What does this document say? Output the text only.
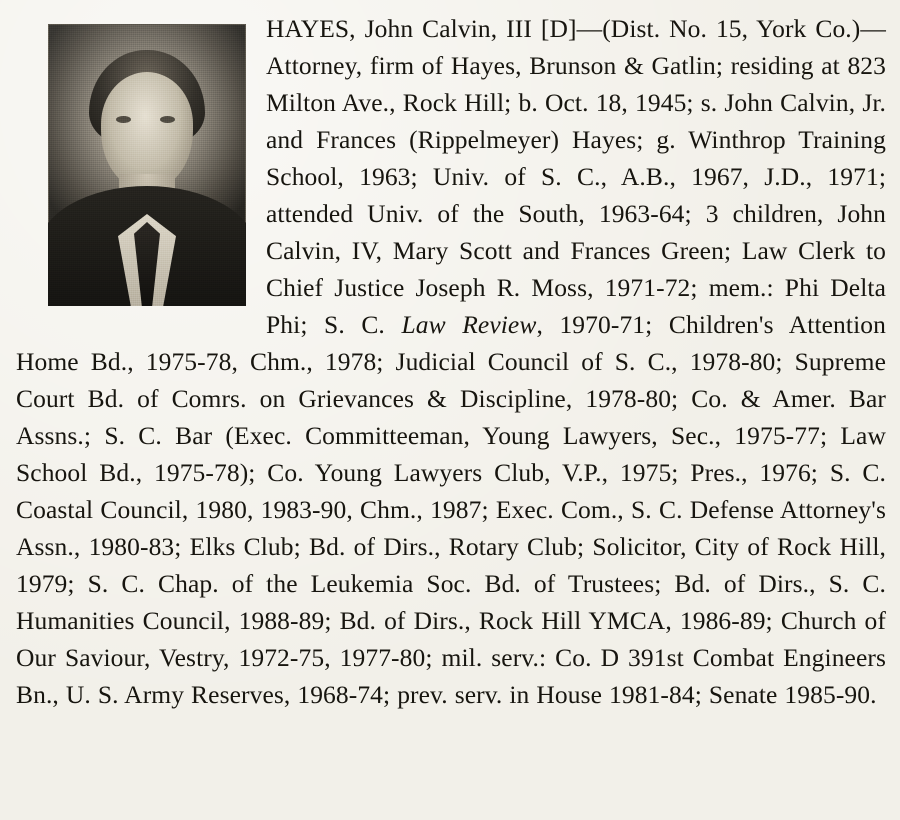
HAYES, John Calvin, III [D]—(Dist. No. 15, York Co.)—Attorney, firm of Hayes, Brunson & Gatlin; residing at 823 Milton Ave., Rock Hill; b. Oct. 18, 1945; s. John Calvin, Jr. and Frances (Rippelmeyer) Hayes; g. Winthrop Training School, 1963; Univ. of S. C., A.B., 1967, J.D., 1971; attended Univ. of the South, 1963-64; 3 children, John Calvin, IV, Mary Scott and Frances Green; Law Clerk to Chief Justice Joseph R. Moss, 1971-72; mem.: Phi Delta Phi; S. C. Law Review, 1970-71; Children's Attention Home Bd., 1975-78, Chm., 1978; Judicial Council of S. C., 1978-80; Supreme Court Bd. of Comrs. on Grievances & Discipline, 1978-80; Co. & Amer. Bar Assns.; S. C. Bar (Exec. Committeeman, Young Lawyers, Sec., 1975-77; Law School Bd., 1975-78); Co. Young Lawyers Club, V.P., 1975; Pres., 1976; S. C. Coastal Council, 1980, 1983-90, Chm., 1987; Exec. Com., S. C. Defense Attorney's Assn., 1980-83; Elks Club; Bd. of Dirs., Rotary Club; Solicitor, City of Rock Hill, 1979; S. C. Chap. of the Leukemia Soc. Bd. of Trustees; Bd. of Dirs., S. C. Humanities Council, 1988-89; Bd. of Dirs., Rock Hill YMCA, 1986-89; Church of Our Saviour, Vestry, 1972-75, 1977-80; mil. serv.: Co. D 391st Combat Engineers Bn., U. S. Army Reserves, 1968-74; prev. serv. in House 1981-84; Senate 1985-90.
